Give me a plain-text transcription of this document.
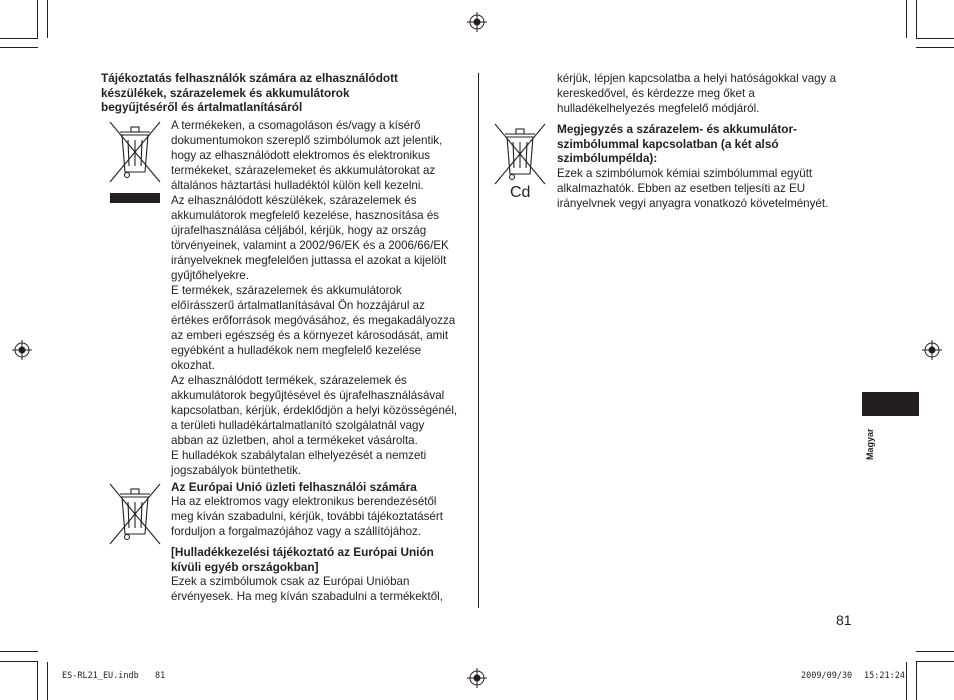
Tájékoztatás felhasználók számára az elhasználódott
készülékek, szárazelemek és akkumulátorok
begyűjtéséről és ártalmatlanításáról

A termékeken, a csomagoláson és/vagy a kísérő

dokumentumokon szereplő szimbólumok azt jelentik,

hogy az elhasználódott elektromos és elektronikus

termékeket, szárazelemeket és akkumulátorokat az

általános háztartási hulladéktól külön kell kezelni.

Az elhasználódott készülékek, szárazelemek és

akkumulátorok megfelelő kezelése, hasznosítása és

újrafelhasználása céljából, kérjük, hogy az ország

törvényeinek, valamint a 2002/96/EK és a 2006/66/EK

irányelveknek megfelelően juttassa el azokat a kijelölt

gyűjtőhelyekre.

E termékek, szárazelemek és akkumulátorok

előírásszerű ártalmatlanításával Ön hozzájárul az

értékes erőforrások megóvásához, és megakadályozza

az emberi egészség és a környezet károsodását, amit

egyébként a hulladékok nem megfelelő kezelése

okozhat.

Az elhasználódott termékek, szárazelemek és

akkumulátorok begyűjtésével és újrafelhasználásával

kapcsolatban, kérjük, érdeklődjön a helyi közösségénél,

a területi hulladékártalmatlanító szolgálatnál vagy

abban az üzletben, ahol a termékeket vásárolta.

E hulladékok szabálytalan elhelyezését a nemzeti

jogszabályok büntethetik.

Az Európai Unió üzleti felhasználói számára

Ha az elektromos vagy elektronikus berendezésétől

meg kíván szabadulni, kérjük, további tájékoztatásért

forduljon a forgalmazójához vagy a szállítójához.

[Hulladékkezelési tájékoztató az Európai Unión
kívüli egyéb országokban]

Ezek a szimbólumok csak az Európai Unióban

érvényesek. Ha meg kíván szabadulni a termékektől,

kérjük, lépjen kapcsolatba a helyi hatóságokkal vagy a

kereskedővel, és kérdezze meg őket a

hulladékelhelyezés megfelelő módjáról.

Cd
Megjegyzés a szárazelem- és akkumulátor-
szimbólummal kapcsolatban (a két alsó
szimbólumpélda):

Ezek a szimbólumok kémiai szimbólummal együtt

alkalmazhatók. Ebben az esetben teljesíti az EU

irányelvnek vegyi anyagra vonatkozó követelményét.

Magyar
81
ES-RL21_EU.indb 81	2009/09/30 15:21:24
